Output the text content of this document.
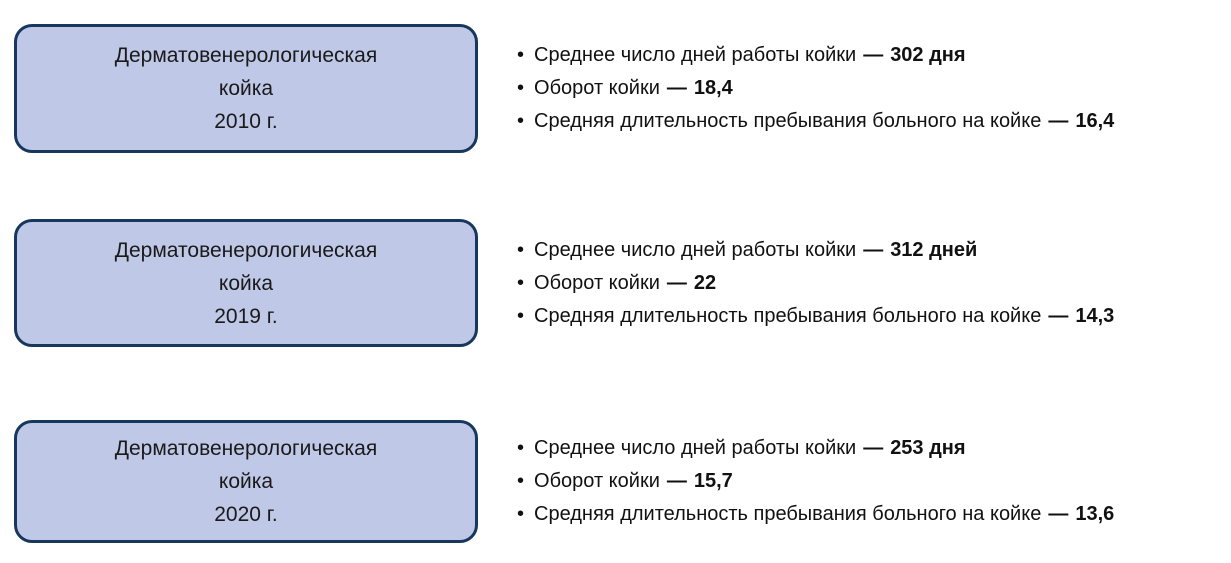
Дерматовенерологическая
койка
2010 г.
• Среднее число дней работы койки — 302 дня
• Оборот койки — 18,4
• Средняя длительность пребывания больного на койке — 16,4
Дерматовенерологическая
койка
2019 г.
• Среднее число дней работы койки — 312 дней
• Оборот койки — 22
• Средняя длительность пребывания больного на койке — 14,3
Дерматовенерологическая
койка
2020 г.
• Среднее число дней работы койки — 253 дня
• Оборот койки — 15,7
• Средняя длительность пребывания больного на койке — 13,6
